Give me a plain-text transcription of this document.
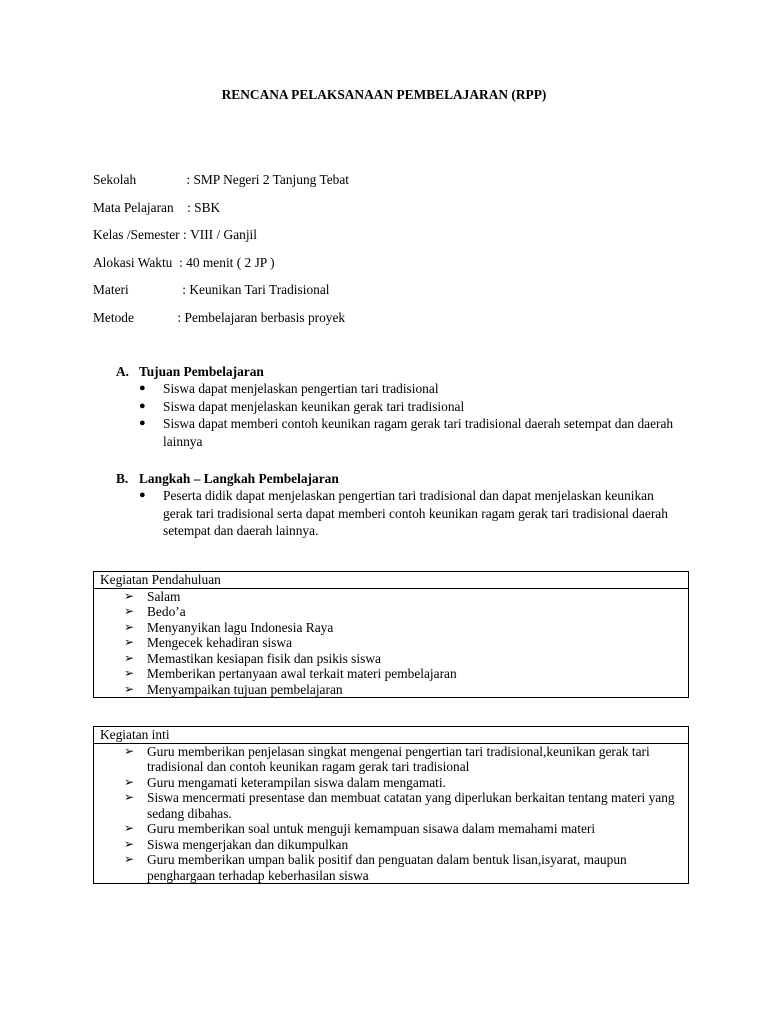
RENCANA PELAKSANAAN PEMBELAJARAN (RPP)
Sekolah : SMP Negeri 2 Tanjung Tebat
Mata Pelajaran : SBK
Kelas /Semester : VIII / Ganjil
Alokasi Waktu : 40 menit ( 2 JP )
Materi : Keunikan Tari Tradisional
Metode : Pembelajaran berbasis proyek
A. Tujuan Pembelajaran
● Siswa dapat menjelaskan pengertian tari tradisional
● Siswa dapat menjelaskan keunikan gerak tari tradisional
● Siswa dapat memberi contoh keunikan ragam gerak tari tradisional daerah setempat dan daerah lainnya
B. Langkah – Langkah Pembelajaran
● Peserta didik dapat menjelaskan pengertian tari tradisional dan dapat menjelaskan keunikan gerak tari tradisional serta dapat memberi contoh keunikan ragam gerak tari tradisional daerah setempat dan daerah lainnya.
Kegiatan Pendahuluan
➢ Salam
➢ Bedo’a
➢ Menyanyikan lagu Indonesia Raya
➢ Mengecek kehadiran siswa
➢ Memastikan kesiapan fisik dan psikis siswa
➢ Memberikan pertanyaan awal terkait materi pembelajaran
➢ Menyampaikan tujuan pembelajaran
Kegiatan inti
➢ Guru memberikan penjelasan singkat mengenai pengertian tari tradisional,keunikan gerak tari tradisional dan contoh keunikan ragam gerak tari tradisional
➢ Guru mengamati keterampilan siswa dalam mengamati.
➢ Siswa mencermati presentase dan membuat catatan yang diperlukan berkaitan tentang materi yang sedang dibahas.
➢ Guru memberikan soal untuk menguji kemampuan sisawa dalam memahami materi
➢ Siswa mengerjakan dan dikumpulkan
➢ Guru memberikan umpan balik positif dan penguatan dalam bentuk lisan,isyarat, maupun penghargaan terhadap keberhasilan siswa
